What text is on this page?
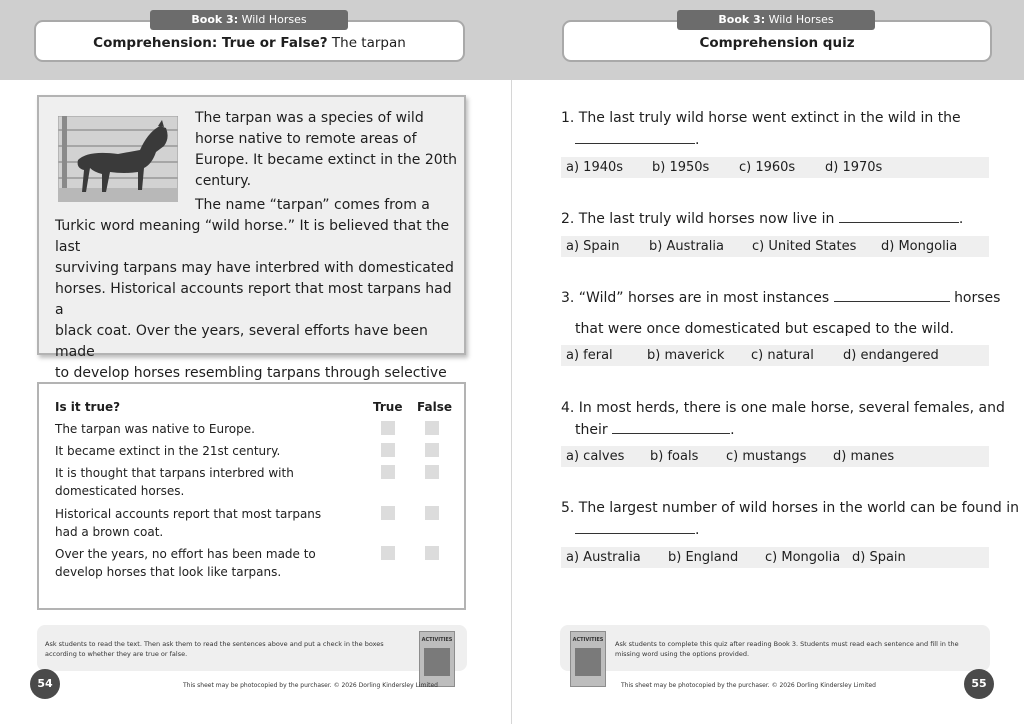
Book 3: Wild Horses
Comprehension: True or False? The tarpan
The tarpan was a species of wild
horse native to remote areas of
Europe. It became extinct in the 20th
century.
The name “tarpan” comes from a
Turkic word meaning “wild horse.” It is believed that the last
surviving tarpans may have interbred with domesticated
horses. Historical accounts report that most tarpans had a
black coat. Over the years, several efforts have been made
to develop horses resembling tarpans through selective
Is it true?	True False
The tarpan was native to Europe.
It became extinct in the 21st century.
It is thought that tarpans interbred with domesticated horses.
Historical accounts report that most tarpans had a brown coat.
Over the years, no effort has been made to develop horses that look like tarpans.
Ask students to read the text. Then ask them to read the sentences above and put a check in the boxes according to whether they are true or false.
ACTIVITIES
54	This sheet may be photocopied by the purchaser. © 2026 Dorling Kindersley Limited
Book 3: Wild Horses
Comprehension quiz
1. The last truly wild horse went extinct in the wild in the
.
a) 1940s b) 1950s c) 1960s d) 1970s
2. The last truly wild horses now live in	.
a) Spain b) Australia c) United States d) Mongolia
3. “Wild” horses are in most instances	horses
that were once domesticated but escaped to the wild.
a) feral	b) maverick c) natural d) endangered
4. In most herds, there is one male horse, several females, and
their	.
a) calves b) foals c) mustangs d) manes
5. The largest number of wild horses in the world can be found in
.
a) Australia b) England c) Mongolia d) Spain
ACTIVITIES Ask students to complete this quiz after reading Book 3. Students must read each sentence and fill in the missing word using the options provided.
55
This sheet may be photocopied by the purchaser. © 2026 Dorling Kindersley Limited
